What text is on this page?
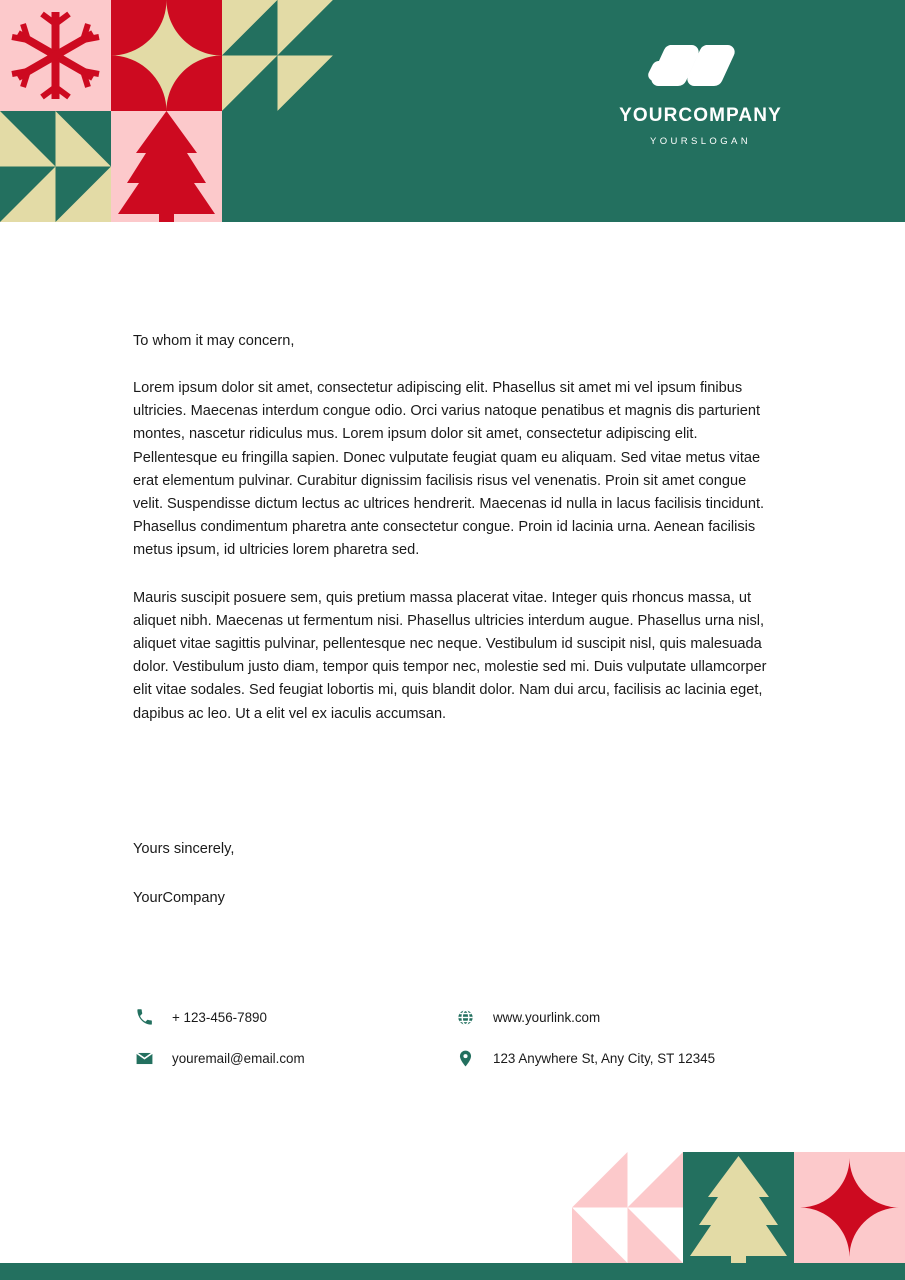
YOURCOMPANY
YOURSLOGAN

To whom it may concern,

Lorem ipsum dolor sit amet, consectetur adipiscing elit. Phasellus sit amet mi vel ipsum finibus ultricies. Maecenas interdum congue odio. Orci varius natoque penatibus et magnis dis parturient montes, nascetur ridiculus mus. Lorem ipsum dolor sit amet, consectetur adipiscing elit. Pellentesque eu fringilla sapien. Donec vulputate feugiat quam eu aliquam. Sed vitae metus vitae erat elementum pulvinar. Curabitur dignissim facilisis risus vel venenatis. Proin sit amet congue velit. Suspendisse dictum lectus ac ultrices hendrerit. Maecenas id nulla in lacus facilisis tincidunt. Phasellus condimentum pharetra ante consectetur congue. Proin id lacinia urna. Aenean facilisis metus ipsum, id ultricies lorem pharetra sed.

Mauris suscipit posuere sem, quis pretium massa placerat vitae. Integer quis rhoncus massa, ut aliquet nibh. Maecenas ut fermentum nisi. Phasellus ultricies interdum augue. Phasellus urna nisl, aliquet vitae sagittis pulvinar, pellentesque nec neque. Vestibulum id suscipit nisl, quis malesuada dolor. Vestibulum justo diam, tempor quis tempor nec, molestie sed mi. Duis vulputate ullamcorper elit vitae sodales. Sed feugiat lobortis mi, quis blandit dolor. Nam dui arcu, facilisis ac lacinia eget, dapibus ac leo. Ut a elit vel ex iaculis accumsan.

Yours sincerely,

YourCompany

+ 123-456-7890
youremail@email.com
www.yourlink.com
123 Anywhere St, Any City, ST 12345
